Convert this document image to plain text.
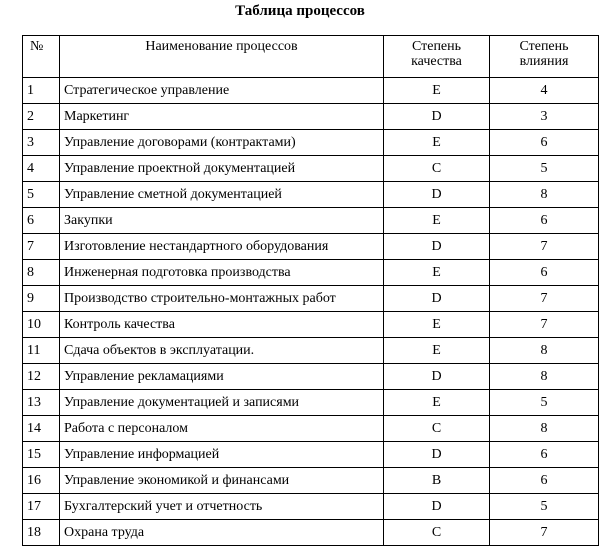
Таблица процессов
№	Наименование процессов	Степень качества	Степень влияния
1	Стратегическое управление	E	4
2	Маркетинг	D	3
3	Управление договорами (контрактами)	E	6
4	Управление проектной документацией	C	5
5	Управление сметной документацией	D	8
6	Закупки	E	6
7	Изготовление нестандартного оборудования	D	7
8	Инженерная подготовка производства	E	6
9	Производство строительно-монтажных работ	D	7
10	Контроль качества	E	7
11	Сдача объектов в эксплуатации.	E	8
12	Управление рекламациями	D	8
13	Управление документацией и записями	E	5
14	Работа с персоналом	C	8
15	Управление информацией	D	6
16	Управление экономикой и финансами	B	6
17	Бухгалтерский учет и отчетность	D	5
18	Охрана труда	C	7
